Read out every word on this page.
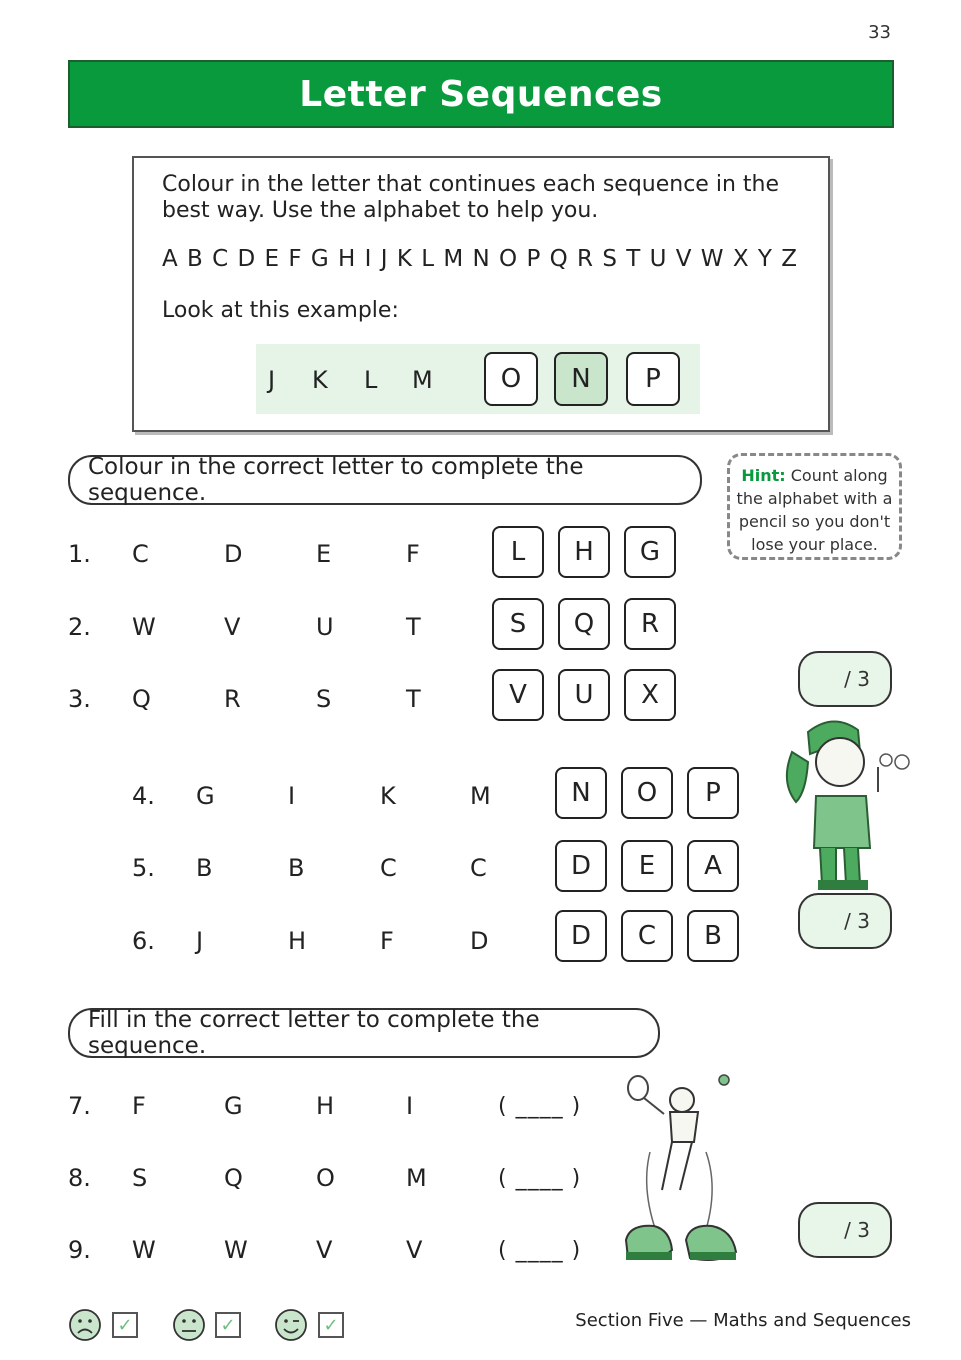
33
Letter Sequences
Colour in the letter that continues each sequence in the best way. Use the alphabet to help you.
A B C D E F G H I J K L M N O P Q R S T U V W X Y Z
Look at this example:
J K L M	O	N	P
Colour in the correct letter to complete the sequence.
Hint: Count along the alphabet with a pencil so you don't lose your place.
1. C	D	E	F	L	H	G
2. W	V	U	T	S	Q	R
3. Q	R	S	T	V	U	X
/ 3
4. G	I	K	M	N	O	P
5. B	B	C	C	D	E	A
6. J	H	F	D	D	C	B	/ 3
Fill in the correct letter to complete the sequence.
7. F	G	H	I	( ____ )
8. S	Q	O	M	( ____ )
9. W	W	V	V	( ____ )
/ 3
✓	✓	✓	Section Five — Maths and Sequences
